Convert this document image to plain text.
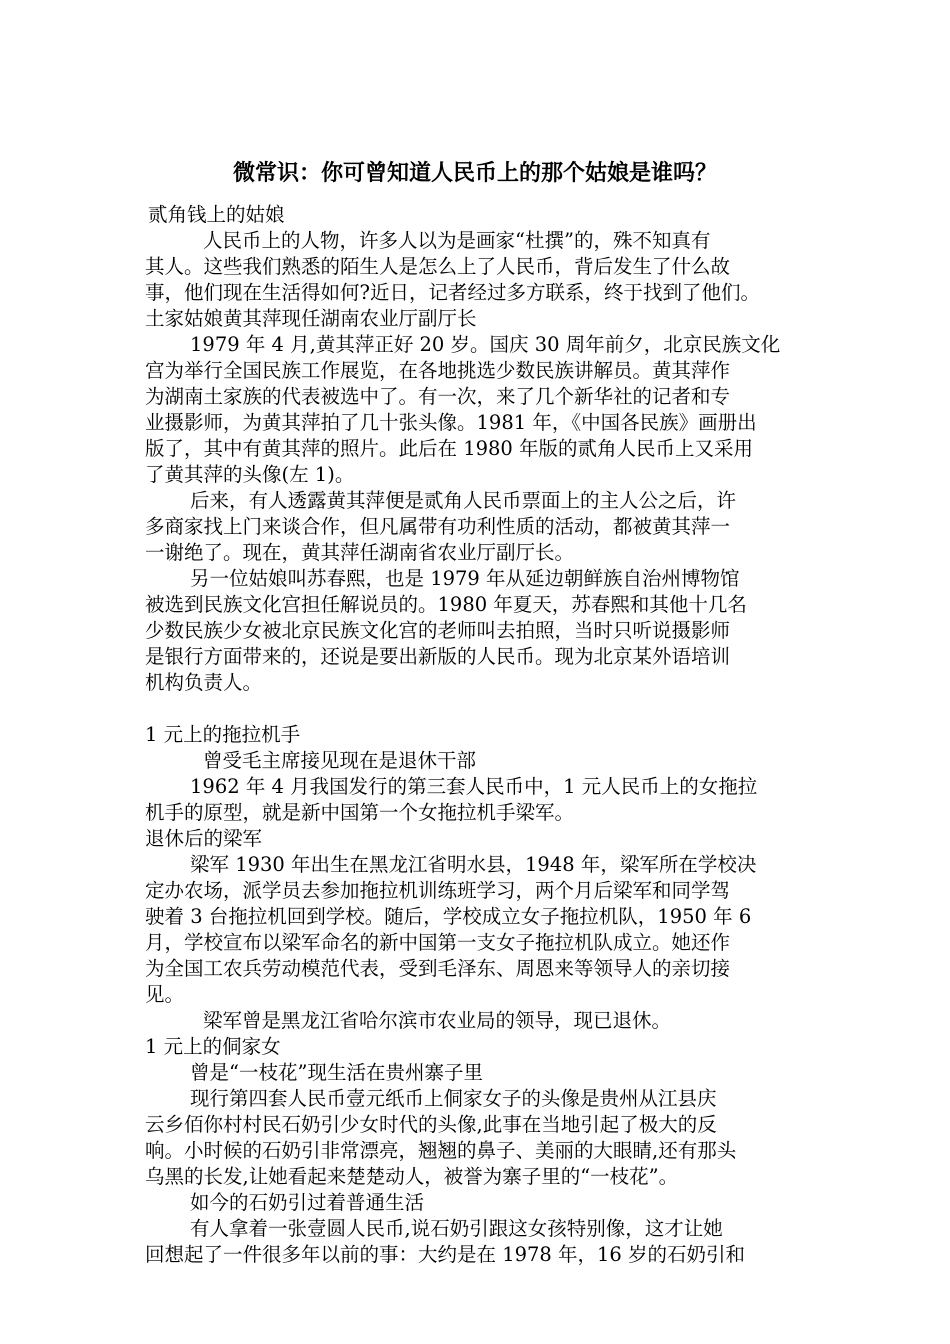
微常识：你可曾知道人民币上的那个姑娘是谁吗？
贰角钱上的姑娘
人民币上的人物，许多人以为是画家“杜撰”的，殊不知真有
其人。这些我们熟悉的陌生人是怎么上了人民币，背后发生了什么故
事，他们现在生活得如何?近日，记者经过多方联系，终于找到了他们。
土家姑娘黄其萍现任湖南农业厅副厅长
1979 年 4 月,黄其萍正好 20 岁。国庆 30 周年前夕，北京民族文化
宫为举行全国民族工作展览，在各地挑选少数民族讲解员。黄其萍作
为湖南土家族的代表被选中了。有一次，来了几个新华社的记者和专
业摄影师，为黄其萍拍了几十张头像。1981 年，《中国各民族》画册出
版了，其中有黄其萍的照片。此后在 1980 年版的贰角人民币上又采用
了黄其萍的头像(左 1)。
后来，有人透露黄其萍便是贰角人民币票面上的主人公之后，许
多商家找上门来谈合作，但凡属带有功利性质的活动，都被黄其萍一
一谢绝了。现在，黄其萍任湖南省农业厅副厅长。
另一位姑娘叫苏春熙，也是 1979 年从延边朝鲜族自治州博物馆
被选到民族文化宫担任解说员的。1980 年夏天，苏春熙和其他十几名
少数民族少女被北京民族文化宫的老师叫去拍照，当时只听说摄影师
是银行方面带来的，还说是要出新版的人民币。现为北京某外语培训
机构负责人。
1 元上的拖拉机手
曾受毛主席接见现在是退休干部
1962 年 4 月我国发行的第三套人民币中，1 元人民币上的女拖拉
机手的原型，就是新中国第一个女拖拉机手梁军。
退休后的梁军
梁军 1930 年出生在黑龙江省明水县，1948 年，梁军所在学校决
定办农场，派学员去参加拖拉机训练班学习，两个月后梁军和同学驾
驶着 3 台拖拉机回到学校。随后，学校成立女子拖拉机队，1950 年 6
月，学校宣布以梁军命名的新中国第一支女子拖拉机队成立。她还作
为全国工农兵劳动模范代表，受到毛泽东、周恩来等领导人的亲切接
见。
梁军曾是黑龙江省哈尔滨市农业局的领导，现已退休。
1 元上的侗家女
曾是“一枝花”现生活在贵州寨子里
现行第四套人民币壹元纸币上侗家女子的头像是贵州从江县庆
云乡佰你村村民石奶引少女时代的头像,此事在当地引起了极大的反
响。小时候的石奶引非常漂亮，翘翘的鼻子、美丽的大眼睛,还有那头
乌黑的长发,让她看起来楚楚动人，被誉为寨子里的“一枝花”。
如今的石奶引过着普通生活
有人拿着一张壹圆人民币,说石奶引跟这女孩特别像，这才让她
回想起了一件很多年以前的事：大约是在 1978 年，16 岁的石奶引和
